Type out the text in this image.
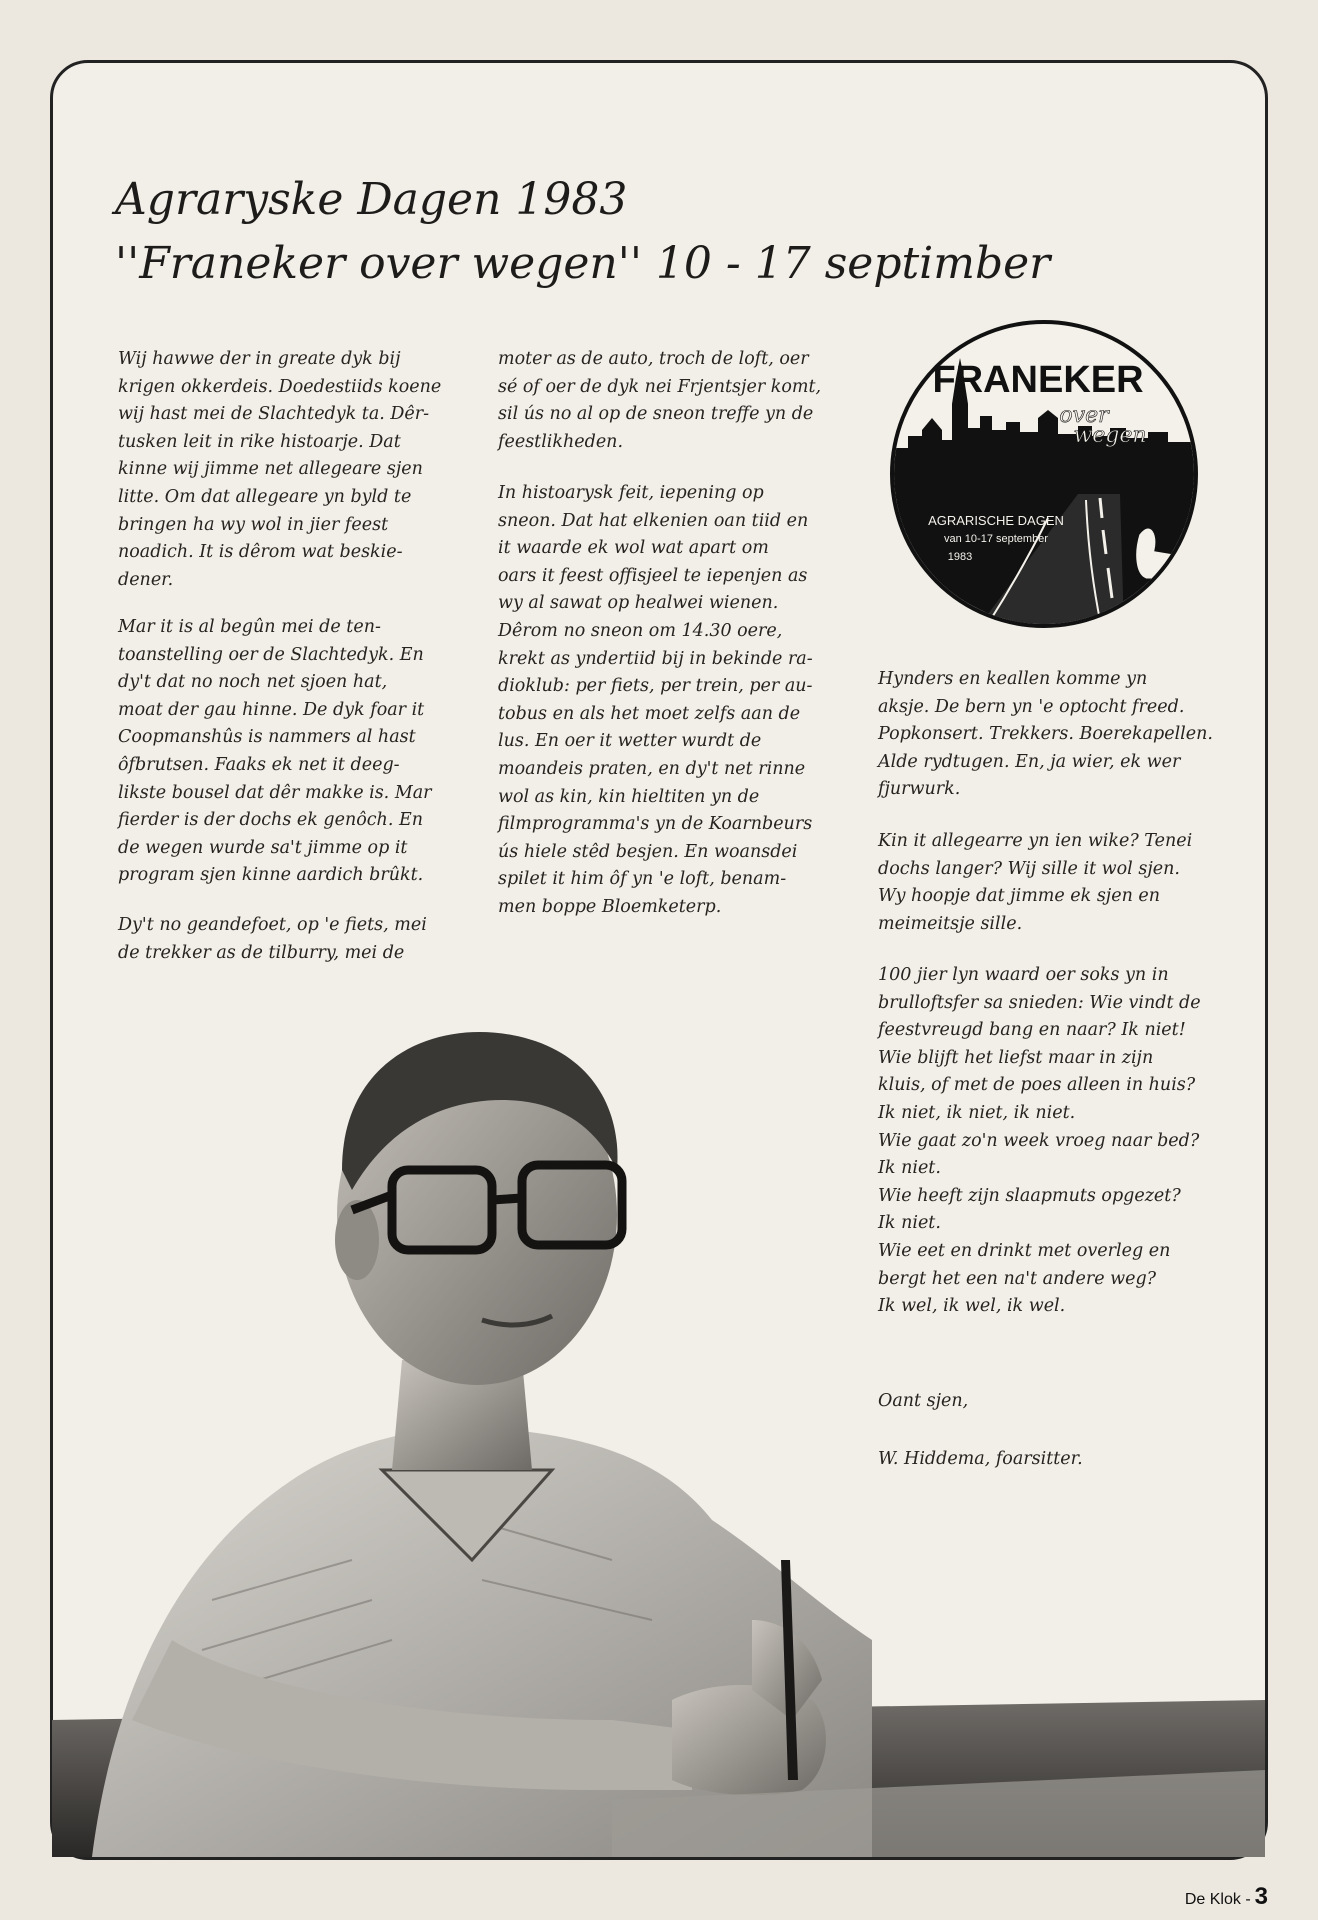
Agraryske Dagen 1983
''Franeker over wegen'' 10 - 17 septimber

Wij hawwe der in greate dyk bij
krigen okkerdeis. Doedestiids koene
wij hast mei de Slachtedyk ta. Dêr-
tusken leit in rike histoarje. Dat
kinne wij jimme net allegeare sjen
litte. Om dat allegeare yn byld te
bringen ha wy wol in jier feest
noadich. It is dêrom wat beskie-
dener.

Mar it is al begûn mei de ten-
toanstelling oer de Slachtedyk. En
dy't dat no noch net sjoen hat,
moat der gau hinne. De dyk foar it
Coopmanshûs is nammers al hast
ôfbrutsen. Faaks ek net it deeg-
likste bousel dat dêr makke is. Mar
fierder is der dochs ek genôch. En
de wegen wurde sa't jimme op it
program sjen kinne aardich brûkt.

Dy't no geandefoet, op 'e fiets, mei
de trekker as de tilburry, mei de

moter as de auto, troch de loft, oer
sé of oer de dyk nei Frjentsjer komt,
sil ús no al op de sneon treffe yn de
feestlikheden.

In histoarysk feit, iepening op
sneon. Dat hat elkenien oan tiid en
it waarde ek wol wat apart om
oars it feest offisjeel te iepenjen as
wy al sawat op healwei wienen.
Dêrom no sneon om 14.30 oere,
krekt as yndertiid bij in bekinde ra-
dioklub: per fiets, per trein, per au-
tobus en als het moet zelfs aan de
lus. En oer it wetter wurdt de
moandeis praten, en dy't net rinne
wol as kin, kin hieltiten yn de
filmprogramma's yn de Koarnbeurs
ús hiele stêd besjen. En woansdei
spilet it him ôf yn 'e loft, benam-
men boppe Bloemketerp.

FRANEKER
over
wegen
AGRARISCHE DAGEN
van 10-17 september
1983

Hynders en keallen komme yn
aksje. De bern yn 'e optocht freed.
Popkonsert. Trekkers. Boerekapellen.
Alde rydtugen. En, ja wier, ek wer
fjurwurk.

Kin it allegearre yn ien wike? Tenei
dochs langer? Wij sille it wol sjen.
Wy hoopje dat jimme ek sjen en
meimeitsje sille.

100 jier lyn waard oer soks yn in
brulloftsfer sa snieden: Wie vindt de
feestvreugd bang en naar? Ik niet!
Wie blijft het liefst maar in zijn
kluis, of met de poes alleen in huis?
Ik niet, ik niet, ik niet.
Wie gaat zo'n week vroeg naar bed?
Ik niet.
Wie heeft zijn slaapmuts opgezet?
Ik niet.
Wie eet en drinkt met overleg en
bergt het een na't andere weg?
Ik wel, ik wel, ik wel.

Oant sjen,

W. Hiddema, foarsitter.

De Klok - 3
